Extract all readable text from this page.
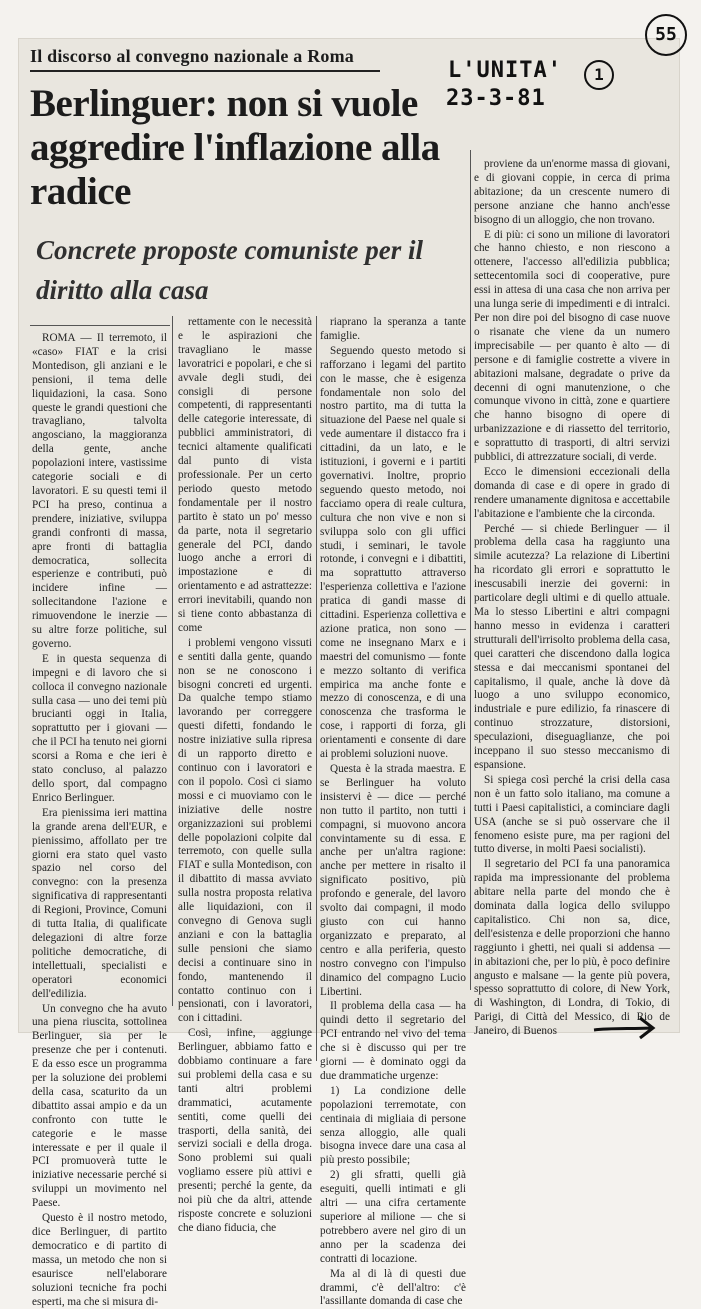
55
L'UNITA'
23-3-81
1
Il discorso al convegno nazionale a Roma
Berlinguer: non si vuole aggredire l'inflazione alla radice
Concrete proposte comuniste per il diritto alla casa

ROMA — Il terremoto, il «caso» FIAT e la crisi Montedison, gli anziani e le pensioni, il tema delle liquidazioni, la casa. Sono queste le grandi questioni che travagliano, talvolta angosciano, la maggioranza della gente, anche popolazioni intere, vastissime categorie sociali e di lavoratori. E su questi temi il PCI ha preso, continua a prendere, iniziative, sviluppa grandi confronti di massa, apre fronti di battaglia democratica, sollecita esperienze e contributi, può incidere infine — sollecitandone l'azione e rimuovendone le inerzie — su altre forze politiche, sul governo.

E in questa sequenza di impegni e di lavoro che si colloca il convegno nazionale sulla casa — uno dei temi più brucianti oggi in Italia, soprattutto per i giovani — che il PCI ha tenuto nei giorni scorsi a Roma e che ieri è stato concluso, al palazzo dello sport, dal compagno Enrico Berlinguer.

Era pienissima ieri mattina la grande arena dell'EUR, e pienissimo, affollato per tre giorni era stato quel vasto spazio nel corso del convegno: con la presenza significativa di rappresentanti di Regioni, Province, Comuni di tutta Italia, di qualificate delegazioni di altre forze politiche democratiche, di intellettuali, specialisti e operatori economici dell'edilizia.

Un convegno che ha avuto una piena riuscita, sottolinea Berlinguer, sia per le presenze che per i contenuti. E da esso esce un programma per la soluzione dei problemi della casa, scaturito da un dibattito assai ampio e da un confronto con tutte le categorie e le masse interessate e per il quale il PCI promuoverà tutte le iniziative necessarie perché si sviluppi un movimento nel Paese.

Questo è il nostro metodo, dice Berlinguer, di partito democratico e di partito di massa, un metodo che non si esaurisce nell'elaborare soluzioni tecniche fra pochi esperti, ma che si misura di-

rettamente con le necessità e le aspirazioni che travagliano le masse lavoratrici e popolari, e che si avvale degli studi, dei consigli di persone competenti, di rappresentanti delle categorie interessate, di pubblici amministratori, di tecnici altamente qualificati dal punto di vista professionale. Per un certo periodo questo metodo fondamentale per il nostro partito è stato un po' messo da parte, nota il segretario generale del PCI, dando luogo anche a errori di impostazione e di orientamento e ad astrattezze: errori inevitabili, quando non si tiene conto abbastanza di come

i problemi vengono vissuti e sentiti dalla gente, quando non se ne conoscono i bisogni concreti ed urgenti. Da qualche tempo stiamo lavorando per correggere questi difetti, fondando le nostre iniziative sulla ripresa di un rapporto diretto e continuo con i lavoratori e con il popolo. Così ci siamo mossi e ci muoviamo con le iniziative delle nostre organizzazioni sui problemi delle popolazioni colpite dal terremoto, con quelle sulla FIAT e sulla Montedison, con il dibattito di massa avviato sulla nostra proposta relativa alle liquidazioni, con il convegno di Genova sugli anziani e con la battaglia sulle pensioni che siamo decisi a continuare sino in fondo, mantenendo il contatto continuo con i pensionati, con i lavoratori, con i cittadini.

Così, infine, aggiunge Berlinguer, abbiamo fatto e dobbiamo continuare a fare sui problemi della casa e su tanti altri problemi drammatici, acutamente sentiti, come quelli dei trasporti, della sanità, dei servizi sociali e della droga. Sono problemi sui quali vogliamo essere più attivi e presenti; perché la gente, da noi più che da altri, attende risposte concrete e soluzioni che diano fiducia, che

riaprano la speranza a tante famiglie.

Seguendo questo metodo si rafforzano i legami del partito con le masse, che è esigenza fondamentale non solo del nostro partito, ma di tutta la situazione del Paese nel quale si vede aumentare il distacco fra i cittadini, da un lato, e le istituzioni, i governi e i partiti governativi. Inoltre, proprio seguendo questo metodo, noi facciamo opera di reale cultura, cultura che non vive e non si sviluppa solo con gli uffici studi, i seminari, le tavole rotonde, i convegni e i dibattiti, ma soprattutto attraverso l'esperienza collettiva e l'azione pratica di gandi masse di cittadini. Esperienza collettiva e azione pratica, non sono — come ne insegnano Marx e i maestri del comunismo — fonte e mezzo soltanto di verifica empirica ma anche fonte e mezzo di conoscenza, e di una conoscenza che trasforma le cose, i rapporti di forza, gli orientamenti e consente di dare ai problemi soluzioni nuove.

Questa è la strada maestra. E se Berlinguer ha voluto insistervi è — dice — perché non tutto il partito, non tutti i compagni, si muovono ancora convintamente su di essa. E anche per un'altra ragione: anche per mettere in risalto il significato positivo, più profondo e generale, del lavoro svolto dai compagni, il modo giusto con cui hanno organizzato e preparato, al centro e alla periferia, questo nostro convegno con l'impulso dinamico del compagno Lucio Libertini.

Il problema della casa — ha quindi detto il segretario del PCI entrando nel vivo del tema che si è discusso qui per tre giorni — è dominato oggi da due drammatiche urgenze:

1) La condizione delle popolazioni terremotate, con centinaia di migliaia di persone senza alloggio, alle quali bisogna invece dare una casa al più presto possibile;

2) gli sfratti, quelli già eseguiti, quelli intimati e gli altri — una cifra certamente superiore al milione — che si potrebbero avere nel giro di un anno per la scadenza dei contratti di locazione.

Ma al di là di questi due drammi, c'è dell'altro: c'è l'assillante domanda di case che

proviene da un'enorme massa di giovani, e di giovani coppie, in cerca di prima abitazione; da un crescente numero di persone anziane che hanno anch'esse bisogno di un alloggio, che non trovano.

E di più: ci sono un milione di lavoratori che hanno chiesto, e non riescono a ottenere, l'accesso all'edilizia pubblica; settecentomila soci di cooperative, pure essi in attesa di una casa che non arriva per una lunga serie di impedimenti e di intralci. Per non dire poi del bisogno di case nuove o risanate che viene da un numero imprecisabile — per quanto è alto — di persone e di famiglie costrette a vivere in abitazioni malsane, degradate o prive da decenni di ogni manutenzione, o che comunque vivono in città, zone e quartiere che hanno bisogno di opere di urbanizzazione e di riassetto del territorio, e soprattutto di trasporti, di altri servizi pubblici, di attrezzature sociali, di verde.

Ecco le dimensioni eccezionali della domanda di case e di opere in grado di rendere umanamente dignitosa e accettabile l'abitazione e l'ambiente che la circonda.

Perché — si chiede Berlinguer — il problema della casa ha raggiunto una simile acutezza? La relazione di Libertini ha ricordato gli errori e soprattutto le inescusabili inerzie dei governi: in particolare degli ultimi e di quello attuale. Ma lo stesso Libertini e altri compagni hanno messo in evidenza i caratteri strutturali dell'irrisolto problema della casa, quei caratteri che discendono dalla logica stessa e dai meccanismi spontanei del capitalismo, il quale, anche là dove dà luogo a uno sviluppo economico, industriale e pure edilizio, fa rinascere di continuo strozzature, distorsioni, speculazioni, diseguaglianze, che poi inceppano il suo stesso meccanismo di espansione.

Si spiega così perché la crisi della casa non è un fatto solo italiano, ma comune a tutti i Paesi capitalistici, a cominciare dagli USA (anche se si può osservare che il fenomeno esiste pure, ma per ragioni del tutto diverse, in molti Paesi socialisti).

Il segretario del PCI fa una panoramica rapida ma impressionante del problema abitare nella parte del mondo che è dominata dalla logica dello sviluppo capitalistico. Chi non sa, dice, dell'esistenza e delle proporzioni che hanno raggiunto i ghetti, nei quali si addensa — in abitazioni che, per lo più, è poco definire angusto e malsane — la gente più povera, spesso soprattutto di colore, di New York, di Washington, di Londra, di Tokio, di Parigi, di Città del Messico, di Rio de Janeiro, di Buenos
